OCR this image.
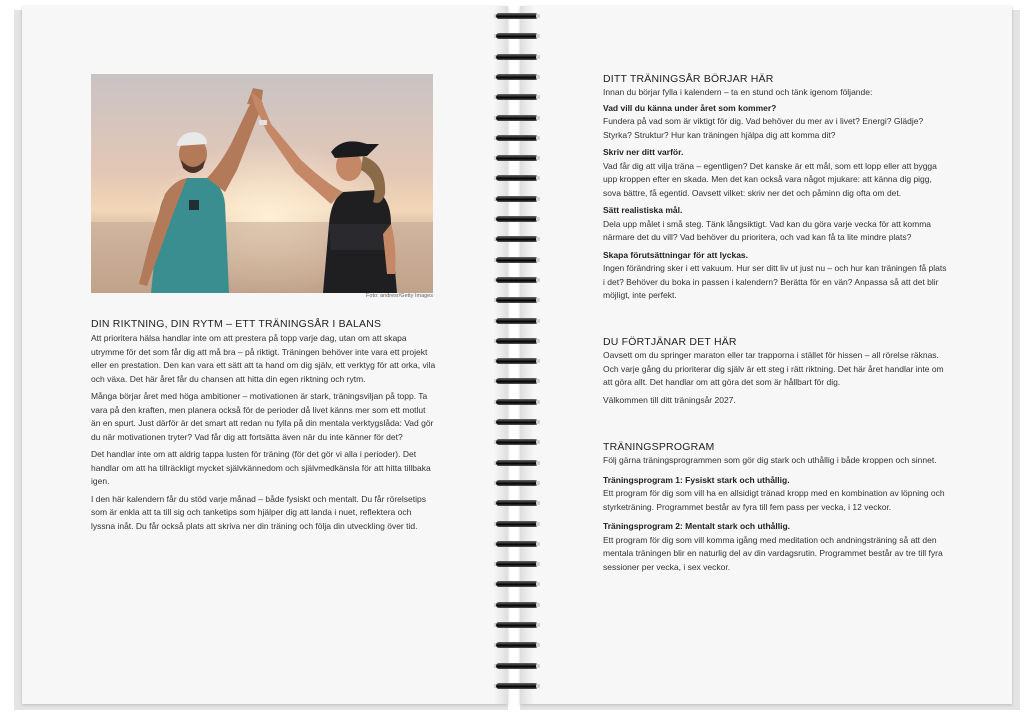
Foto: andresr/Getty Images
DIN RIKTNING, DIN RYTM – ETT TRÄNINGSÅR I BALANS

Att prioritera hälsa handlar inte om att prestera på topp varje dag, utan om att skapa utrymme för det som får dig att må bra – på riktigt. Träningen behöver inte vara ett projekt eller en prestation. Den kan vara ett sätt att ta hand om dig själv, ett verktyg för att orka, vila och växa. Det här året får du chansen att hitta din egen riktning och rytm.

Många börjar året med höga ambitioner – motivationen är stark, träningsviljan på topp. Ta vara på den kraften, men planera också för de perioder då livet känns mer som ett motlut än en spurt. Just därför är det smart att redan nu fylla på din mentala verktygslåda: Vad gör du när motivationen tryter? Vad får dig att fortsätta även när du inte känner för det?

Det handlar inte om att aldrig tappa lusten för träning (för det gör vi alla i perioder). Det handlar om att ha tillräckligt mycket självkännedom och självmedkänsla för att hitta tillbaka igen.

I den här kalendern får du stöd varje månad – både fysiskt och mentalt. Du får rörelsetips som är enkla att ta till sig och tanketips som hjälper dig att landa i nuet, reflektera och lyssna inåt. Du får också plats att skriva ner din träning och följa din utveckling över tid.

DITT TRÄNINGSÅR BÖRJAR HÄR

Innan du börjar fylla i kalendern – ta en stund och tänk igenom följande:

Vad vill du känna under året som kommer?

Fundera på vad som är viktigt för dig. Vad behöver du mer av i livet? Energi? Glädje? Styrka? Struktur? Hur kan träningen hjälpa dig att komma dit?

Skriv ner ditt varför.

Vad får dig att vilja träna – egentligen? Det kanske är ett mål, som ett lopp eller att bygga upp kroppen efter en skada. Men det kan också vara något mjukare: att känna dig pigg, sova bättre, få egentid. Oavsett vilket: skriv ner det och påminn dig ofta om det.

Sätt realistiska mål.

Dela upp målet i små steg. Tänk långsiktigt. Vad kan du göra varje vecka för att komma närmare det du vill? Vad behöver du prioritera, och vad kan få ta lite mindre plats?

Skapa förutsättningar för att lyckas.

Ingen förändring sker i ett vakuum. Hur ser ditt liv ut just nu – och hur kan träningen få plats i det? Behöver du boka in passen i kalendern? Berätta för en vän? Anpassa så att det blir möjligt, inte perfekt.

DU FÖRTJÄNAR DET HÄR

Oavsett om du springer maraton eller tar trapporna i stället för hissen – all rörelse räknas. Och varje gång du prioriterar dig själv är ett steg i rätt riktning. Det här året handlar inte om att göra allt. Det handlar om att göra det som är hållbart för dig.

Välkommen till ditt träningsår 2027.

TRÄNINGSPROGRAM

Följ gärna träningsprogrammen som gör dig stark och uthållig i både kroppen och sinnet.

Träningsprogram 1: Fysiskt stark och uthållig.

Ett program för dig som vill ha en allsidigt tränad kropp med en kombination av löpning och styrketräning. Programmet består av fyra till fem pass per vecka, i 12 veckor.

Träningsprogram 2: Mentalt stark och uthållig.

Ett program för dig som vill komma igång med meditation och andningsträning så att den mentala träningen blir en naturlig del av din vardagsrutin. Programmet består av tre till fyra sessioner per vecka, i sex veckor.
